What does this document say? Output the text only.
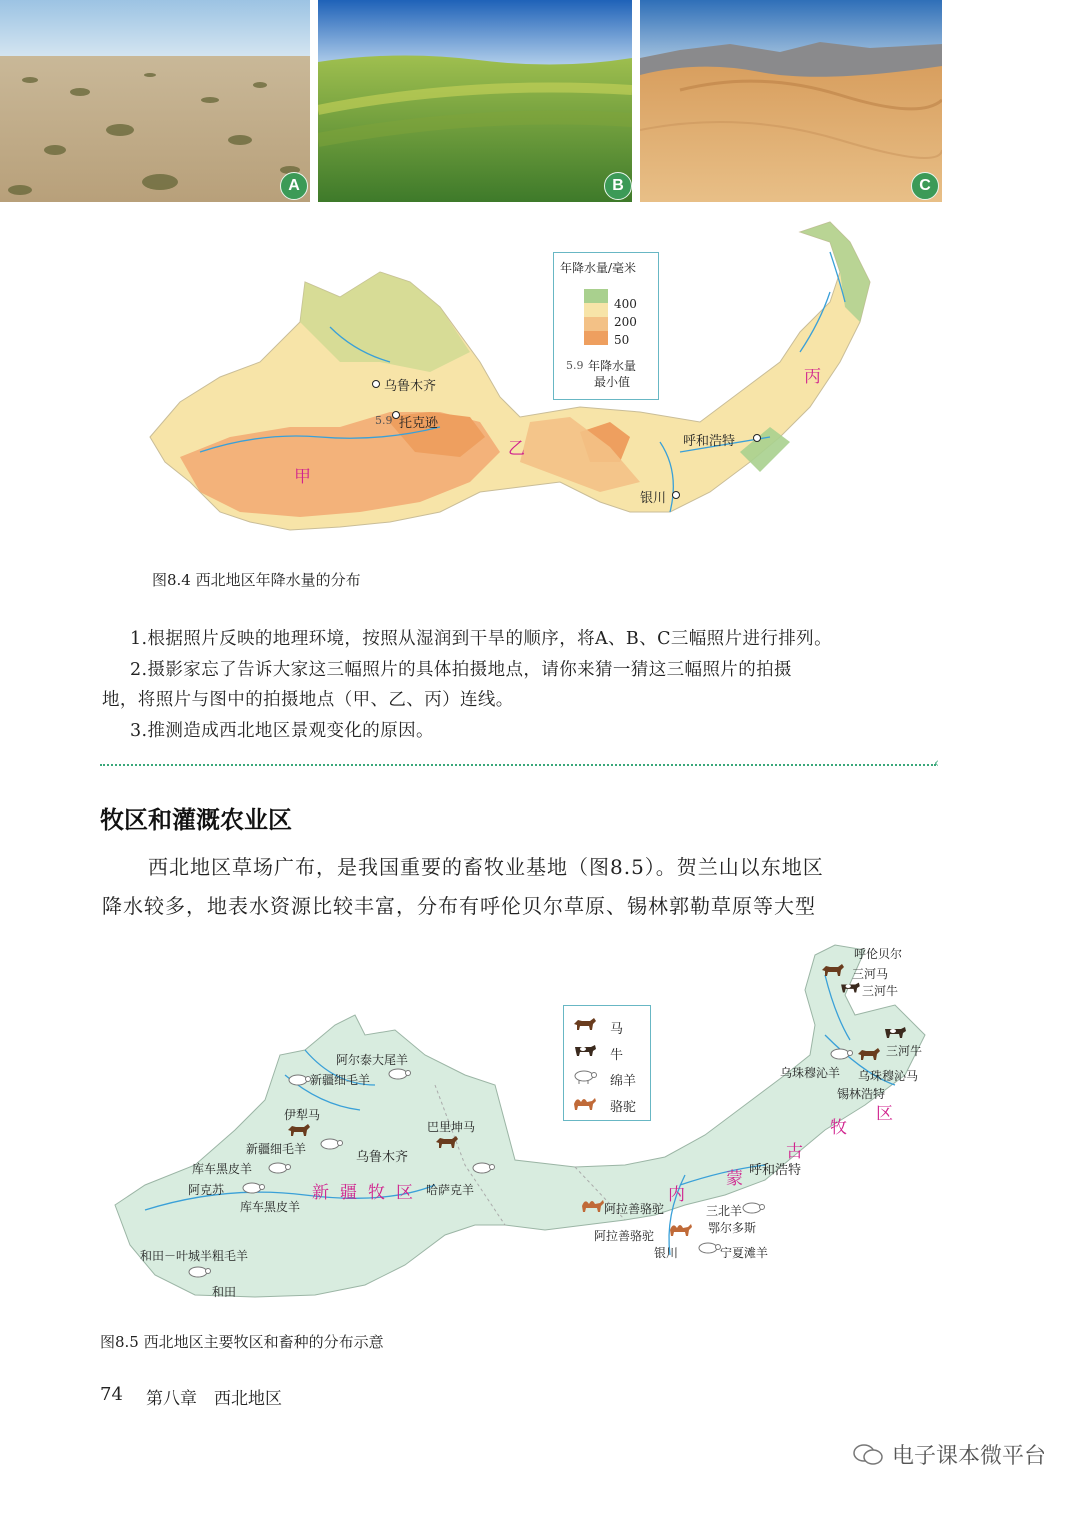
A	B	C
年降水量/毫米
400
200
50
5.9 年降水量
最小值
乌鲁木齐
5.9 托克逊
呼和浩特
银川
甲
乙
丙
图8.4 西北地区年降水量的分布
1.根据照片反映的地理环境，按照从湿润到干旱的顺序，将A、B、C三幅照片进行排列。
2.摄影家忘了告诉大家这三幅照片的具体拍摄地点，请你来猜一猜这三幅照片的拍摄
地，将照片与图中的拍摄地点（甲、乙、丙）连线。
3.推测造成西北地区景观变化的原因。
‹
牧区和灌溉农业区
西北地区草场广布，是我国重要的畜牧业基地（图8.5）。贺兰山以东地区
降水较多，地表水资源比较丰富，分布有呼伦贝尔草原、锡林郭勒草原等大型
马
牛
绵羊
骆驼
呼伦贝尔
三河马
三河牛
三河牛
乌珠穆沁羊 乌珠穆沁马
锡林浩特
阿尔泰大尾羊
新疆细毛羊
伊犁马
巴里坤马
新疆细毛羊
乌鲁木齐
库车黑皮羊
阿克苏
库车黑皮羊
哈萨克羊
和田－叶城半粗毛羊
和田
阿拉善骆驼
阿拉善骆驼
银川
三北羊
鄂尔多斯
宁夏滩羊
呼和浩特
新 疆 牧 区	内
蒙
古
牧
区
图8.5 西北地区主要牧区和畜种的分布示意
74 第八章　西北地区
电子课本微平台
